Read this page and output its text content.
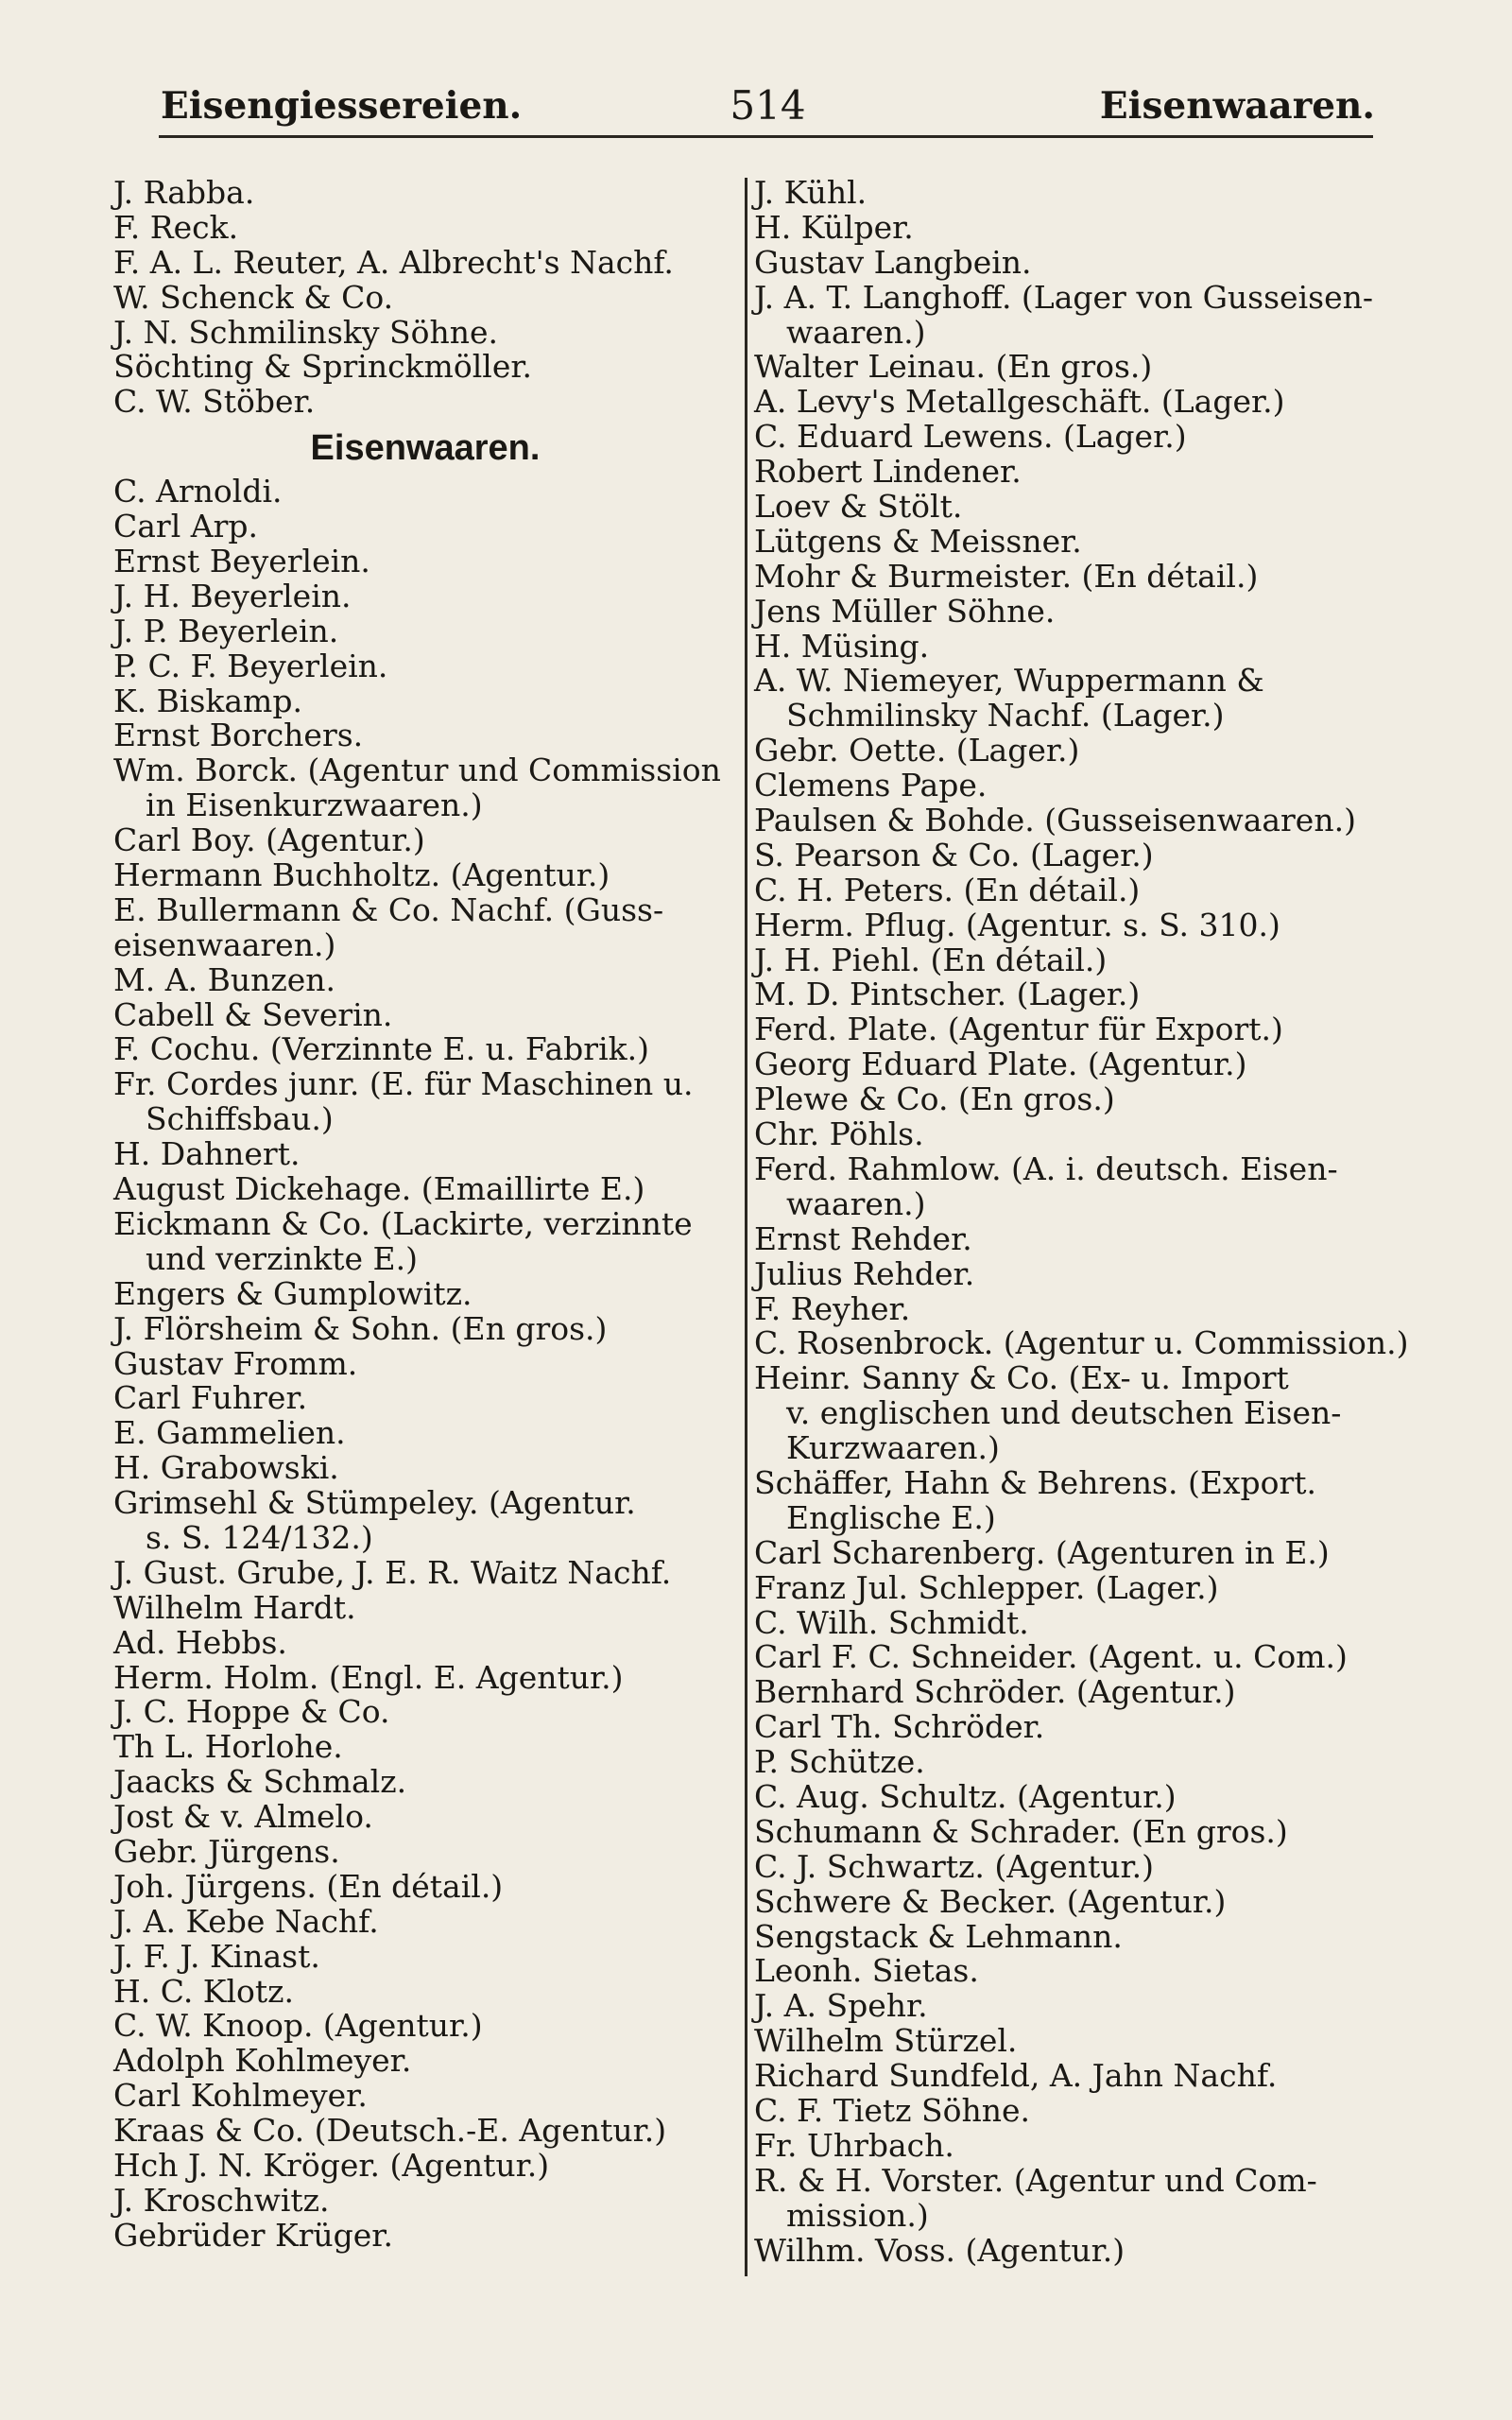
Eisengiessereien.	514	Eisenwaaren.
J. Rabba.
F. Reck.
F. A. L. Reuter, A. Albrecht's Nachf.
W. Schenck & Co.
J. N. Schmilinsky Söhne.
Söchting & Sprinckmöller.
C. W. Stöber.
Eisenwaaren.
C. Arnoldi.
Carl Arp.
Ernst Beyerlein.
J. H. Beyerlein.
J. P. Beyerlein.
P. C. F. Beyerlein.
K. Biskamp.
Ernst Borchers.
Wm. Borck. (Agentur und Commission
in Eisenkurzwaaren.)
Carl Boy. (Agentur.)
Hermann Buchholtz. (Agentur.)
E. Bullermann & Co. Nachf. (Guss-
eisenwaaren.)
M. A. Bunzen.
Cabell & Severin.
F. Cochu. (Verzinnte E. u. Fabrik.)
Fr. Cordes junr. (E. für Maschinen u.
Schiffsbau.)
H. Dahnert.
August Dickehage. (Emaillirte E.)
Eickmann & Co. (Lackirte, verzinnte
und verzinkte E.)
Engers & Gumplowitz.
J. Flörsheim & Sohn. (En gros.)
Gustav Fromm.
Carl Fuhrer.
E. Gammelien.
H. Grabowski.
Grimsehl & Stümpeley. (Agentur.
s. S. 124/132.)
J. Gust. Grube, J. E. R. Waitz Nachf.
Wilhelm Hardt.
Ad. Hebbs.
Herm. Holm. (Engl. E. Agentur.)
J. C. Hoppe & Co.
Th L. Horlohe.
Jaacks & Schmalz.
Jost & v. Almelo.
Gebr. Jürgens.
Joh. Jürgens. (En détail.)
J. A. Kebe Nachf.
J. F. J. Kinast.
H. C. Klotz.
C. W. Knoop. (Agentur.)
Adolph Kohlmeyer.
Carl Kohlmeyer.
Kraas & Co. (Deutsch.-E. Agentur.)
Hch J. N. Kröger. (Agentur.)
J. Kroschwitz.
Gebrüder Krüger.
J. Kühl.
H. Külper.
Gustav Langbein.
J. A. T. Langhoff. (Lager von Gusseisen-
waaren.)
Walter Leinau. (En gros.)
A. Levy's Metallgeschäft. (Lager.)
C. Eduard Lewens. (Lager.)
Robert Lindener.
Loev & Stölt.
Lütgens & Meissner.
Mohr & Burmeister. (En détail.)
Jens Müller Söhne.
H. Müsing.
A. W. Niemeyer, Wuppermann &
Schmilinsky Nachf. (Lager.)
Gebr. Oette. (Lager.)
Clemens Pape.
Paulsen & Bohde. (Gusseisenwaaren.)
S. Pearson & Co. (Lager.)
C. H. Peters. (En détail.)
Herm. Pflug. (Agentur. s. S. 310.)
J. H. Piehl. (En détail.)
M. D. Pintscher. (Lager.)
Ferd. Plate. (Agentur für Export.)
Georg Eduard Plate. (Agentur.)
Plewe & Co. (En gros.)
Chr. Pöhls.
Ferd. Rahmlow. (A. i. deutsch. Eisen-
waaren.)
Ernst Rehder.
Julius Rehder.
F. Reyher.
C. Rosenbrock. (Agentur u. Commission.)
Heinr. Sanny & Co. (Ex- u. Import
v. englischen und deutschen Eisen-
Kurzwaaren.)
Schäffer, Hahn & Behrens. (Export.
Englische E.)
Carl Scharenberg. (Agenturen in E.)
Franz Jul. Schlepper. (Lager.)
C. Wilh. Schmidt.
Carl F. C. Schneider. (Agent. u. Com.)
Bernhard Schröder. (Agentur.)
Carl Th. Schröder.
P. Schütze.
C. Aug. Schultz. (Agentur.)
Schumann & Schrader. (En gros.)
C. J. Schwartz. (Agentur.)
Schwere & Becker. (Agentur.)
Sengstack & Lehmann.
Leonh. Sietas.
J. A. Spehr.
Wilhelm Stürzel.
Richard Sundfeld, A. Jahn Nachf.
C. F. Tietz Söhne.
Fr. Uhrbach.
R. & H. Vorster. (Agentur und Com-
mission.)
Wilhm. Voss. (Agentur.)
